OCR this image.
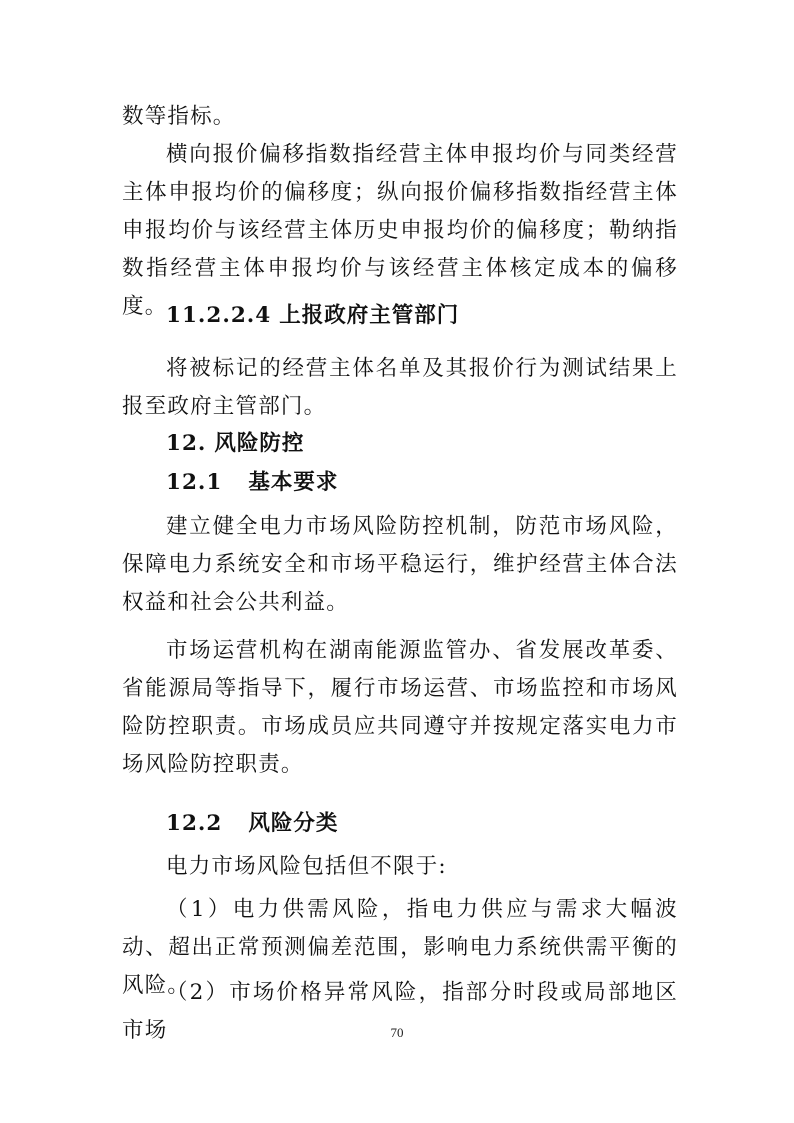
数等指标。

横向报价偏移指数指经营主体申报均价与同类经营主体申报均价的偏移度；纵向报价偏移指数指经营主体申报均价与该经营主体历史申报均价的偏移度；勒纳指数指经营主体申报均价与该经营主体核定成本的偏移度。

11.2.2.4 上报政府主管部门

将被标记的经营主体名单及其报价行为测试结果上报至政府主管部门。

12. 风险防控
12.1 基本要求

建立健全电力市场风险防控机制，防范市场风险，保障电力系统安全和市场平稳运行，维护经营主体合法权益和社会公共利益。

市场运营机构在湖南能源监管办、省发展改革委、省能源局等指导下，履行市场运营、市场监控和市场风险防控职责。市场成员应共同遵守并按规定落实电力市场风险防控职责。

12.2 风险分类

电力市场风险包括但不限于:

（1）电力供需风险，指电力供应与需求大幅波动、超出正常预测偏差范围，影响电力系统供需平衡的风险。

（2）市场价格异常风险，指部分时段或局部地区市场	70
